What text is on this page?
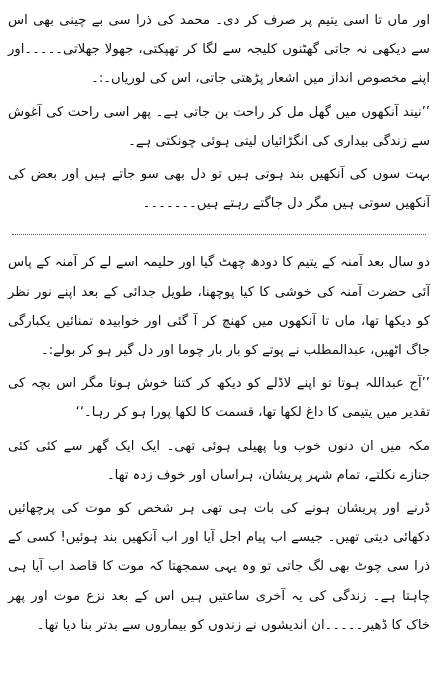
اور ماں تا اسی یتیم پر صرف کر دی۔ محمد کی ذرا سی بے چینی بھی اس سے دیکھی نہ جاتی گھٹنوں کلیجہ سے لگا کر تھپکتی، جھولا جھلاتی۔۔۔۔۔اور اپنے مخصوص انداز میں اشعار پڑھتی جاتی، اس کی لوریاں۔:۔

’’نیند آنکھوں میں گھل مل کر راحت بن جاتی ہے۔ پھر اسی راحت کی آغوش سے زندگی بیداری کی انگڑائیاں لیتی ہوئی چونکتی ہے۔

بہت سوں کی آنکھیں بند ہوتی ہیں تو دل بھی سو جاتے ہیں اور بعض کی آنکھیں سوتی ہیں مگر دل جاگتے رہتے ہیں۔۔۔۔۔۔۔

دو سال بعد آمنہ کے یتیم کا دودھ چھٹ گیا اور حلیمہ اسے لے کر آمنہ کے پاس آئی حضرت آمنہ کی خوشی کا کیا پوچھنا، طویل جدائی کے بعد اپنے نور نظر کو دیکھا تھا، ماں تا آنکھوں میں کھنچ کر آ گئی اور خوابیدہ تمنائیں یکبارگی جاگ اٹھیں، عبدالمطلب نے پوتے کو بار بار چوما اور دل گیر ہو کر بولے:۔

’’آج عبداللہ ہوتا تو اپنے لاڈلے کو دیکھ کر کتنا خوش ہوتا مگر اس بچہ کی تقدیر میں یتیمی کا داغ لکھا تھا، قسمت کا لکھا پورا ہو کر رہا۔‘‘

مکہ میں ان دنوں خوب وبا پھیلی ہوئی تھی۔ ایک ایک گھر سے کئی کئی جنازے نکلتے، تمام شہر پریشان، ہراساں اور خوف زدہ تھا۔

ڈرنے اور پریشان ہونے کی بات ہی تھی ہر شخص کو موت کی پرچھائیں دکھائی دیتی تھیں۔ جیسے اب پیام اجل آیا اور اب آنکھیں بند ہوئیں! کسی کے ذرا سی چوٹ بھی لگ جاتی تو وہ یہی سمجھتا کہ موت کا قاصد اب آیا ہی چاہتا ہے۔ زندگی کی یہ آخری ساعتیں ہیں اس کے بعد نزع موت اور پھر خاک کا ڈھیر۔۔۔۔۔ان اندیشوں نے زندوں کو بیماروں سے بدتر بنا دیا تھا۔
